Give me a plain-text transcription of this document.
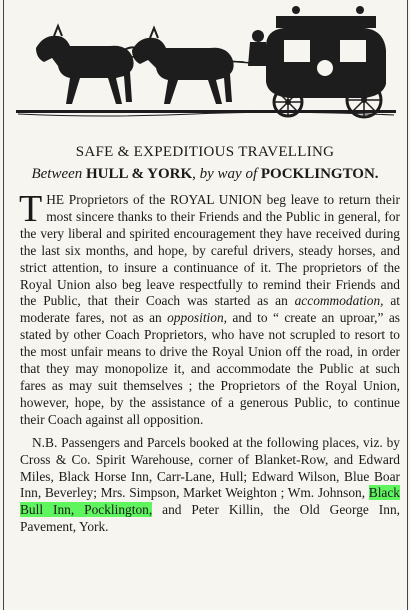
SAFE & EXPEDITIOUS TRAVELLING
Between HULL & YORK, by way of POCKLINGTON.

THE Proprietors of the ROYAL UNION beg leave to return their most sincere thanks to their Friends and the Public in general, for the very liberal and spirited encouragement they have received during the last six months, and hope, by careful drivers, steady horses, and strict attention, to insure a continuance of it. The proprietors of the Royal Union also beg leave respectfully to remind their Friends and the Public, that their Coach was started as an accommodation, at moderate fares, not as an opposition, and to “ create an uproar,” as stated by other Coach Proprietors, who have not scrupled to resort to the most unfair means to drive the Royal Union off the road, in order that they may monopolize it, and accommodate the Public at such fares as may suit themselves ; the Proprietors of the Royal Union, however, hope, by the assistance of a generous Public, to continue their Coach against all opposition.

N.B. Passengers and Parcels booked at the following places, viz. by Cross & Co. Spirit Warehouse, corner of Blanket-Row, and Edward Miles, Black Horse Inn, Carr-Lane, Hull; Edward Wilson, Blue Boar Inn, Beverley; Mrs. Simpson, Market Weighton ; Wm. Johnson, Black Bull Inn, Pocklington, and Peter Killin, the Old George Inn, Pavement, York.
